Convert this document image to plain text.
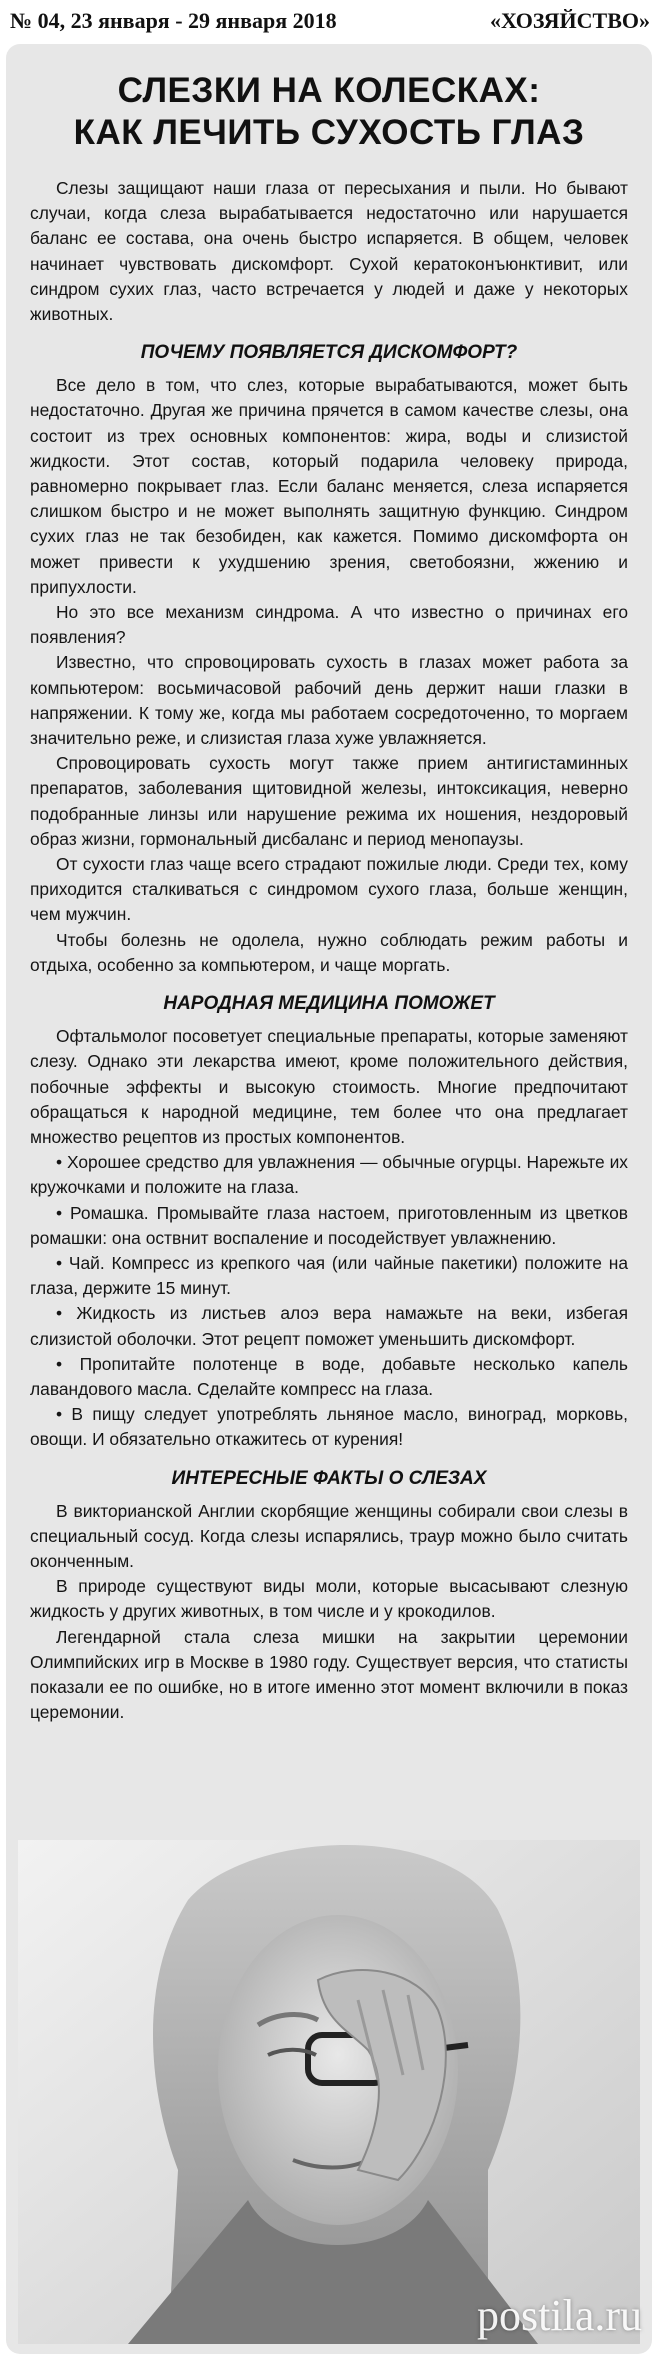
№ 04, 23 января - 29 января 2018	«ХОЗЯЙСТВО»
СЛЕЗКИ НА КОЛЕСКАХ:
КАК ЛЕЧИТЬ СУХОСТЬ ГЛАЗ

Слезы защищают наши глаза от пересыхания и пыли. Но бывают случаи, когда слеза вырабатывается недостаточно или нарушается баланс ее состава, она очень быстро испаряется. В общем, человек начинает чувствовать дискомфорт. Сухой кератоконъюнктивит, или синдром сухих глаз, часто встречается у людей и даже у некоторых животных.

ПОЧЕМУ ПОЯВЛЯЕТСЯ ДИСКОМФОРТ?

Все дело в том, что слез, которые вырабатываются, может быть недостаточно. Другая же причина прячется в самом качестве слезы, она состоит из трех основных компонентов: жира, воды и слизистой жидкости. Этот состав, который подарила человеку природа, равномерно покрывает глаз. Если баланс меняется, слеза испаряется слишком быстро и не может выполнять защитную функцию. Синдром сухих глаз не так безобиден, как кажется. Помимо дискомфорта он может привести к ухудшению зрения, светобоязни, жжению и припухлости.

Но это все механизм синдрома. А что известно о причинах его появления?

Известно, что спровоцировать сухость в глазах может работа за компьютером: восьмичасовой рабочий день держит наши глазки в напряжении. К тому же, когда мы работаем сосредоточенно, то моргаем значительно реже, и слизистая глаза хуже увлажняется.

Спровоцировать сухость могут также прием антигистаминных препаратов, заболевания щитовидной железы, интоксикация, неверно подобранные линзы или нарушение режима их ношения, нездоровый образ жизни, гормональный дисбаланс и период менопаузы.

От сухости глаз чаще всего страдают пожилые люди. Среди тех, кому приходится сталкиваться с синдромом сухого глаза, больше женщин, чем мужчин.

Чтобы болезнь не одолела, нужно соблюдать режим работы и отдыха, особенно за компьютером, и чаще моргать.

НАРОДНАЯ МЕДИЦИНА ПОМОЖЕТ

Офтальмолог посоветует специальные препараты, которые заменяют слезу. Однако эти лекарства имеют, кроме положительного действия, побочные эффекты и высокую стоимость. Многие предпочитают обращаться к народной медицине, тем более что она предлагает множество рецептов из простых компонентов.

• Хорошее средство для увлажнения — обычные огурцы. Нарежьте их кружочками и положите на глаза.

• Ромашка. Промывайте глаза настоем, приготовленным из цветков ромашки: она оствнит воспаление и посодействует увлажнению.

• Чай. Компресс из крепкого чая (или чайные пакетики) положите на глаза, держите 15 минут.

• Жидкость из листьев алоэ вера намажьте на веки, избегая слизистой оболочки. Этот рецепт поможет уменьшить дискомфорт.

• Пропитайте полотенце в воде, добавьте несколько капель лавандового масла. Сделайте компресс на глаза.

• В пищу следует употреблять льняное масло, виноград, морковь, овощи. И обязательно откажитесь от курения!

ИНТЕРЕСНЫЕ ФАКТЫ О СЛЕЗАХ

В викторианской Англии скорбящие женщины собирали свои слезы в специальный сосуд. Когда слезы испарялись, траур можно было считать оконченным.

В природе существуют виды моли, которые высасывают слезную жидкость у других животных, в том числе и у крокодилов.

Легендарной стала слеза мишки на закрытии церемонии Олимпийских игр в Москве в 1980 году. Существует версия, что статисты показали ее по ошибке, но в итоге именно этот момент включили в показ церемонии.

postila.ru
